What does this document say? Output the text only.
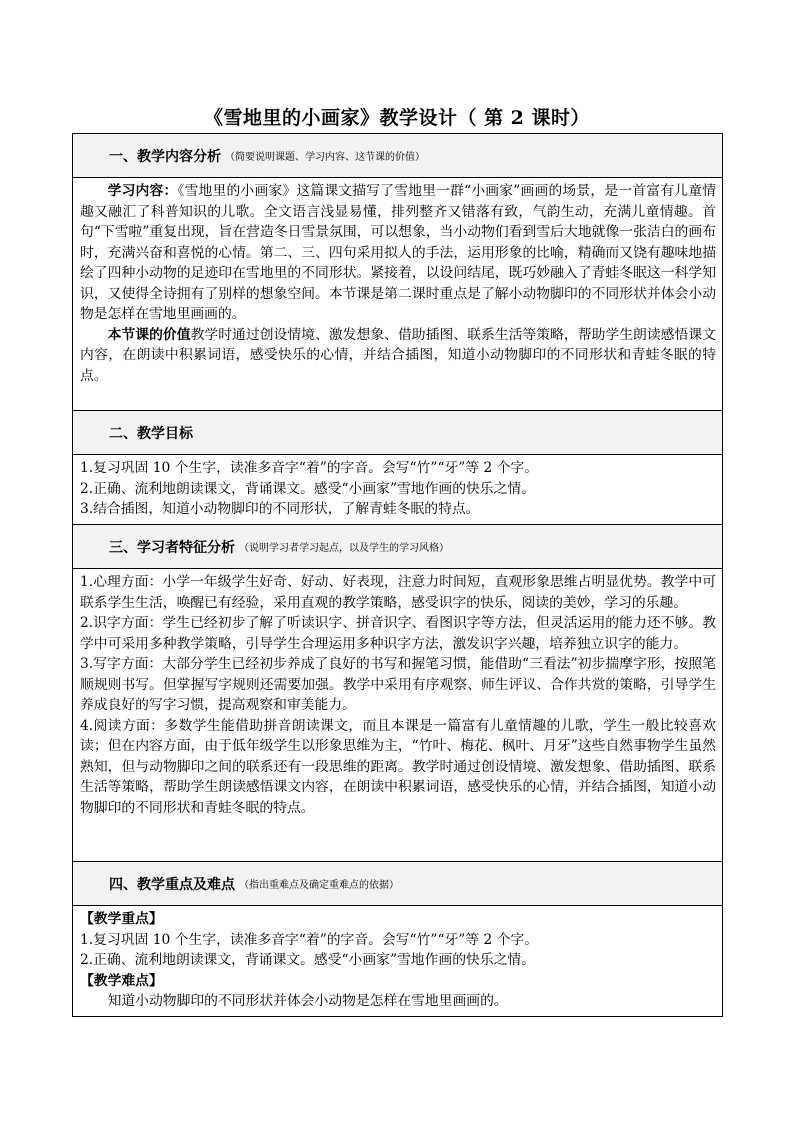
《雪地里的小画家》教学设计（ 第 2 课时）
一、教学内容分析 （简要说明课题、学习内容、这节课的价值）

学习内容：《雪地里的小画家》这篇课文描写了雪地里一群“小画家”画画的场景，是一首富有儿童情趣又融汇了科普知识的儿歌。全文语言浅显易懂，排列整齐又错落有致，气韵生动，充满儿童情趣。首句“下雪啦”重复出现，旨在营造冬日雪景氛围，可以想象，当小动物们看到雪后大地就像一张洁白的画布时，充满兴奋和喜悦的心情。第二、三、四句采用拟人的手法，运用形象的比喻，精确而又饶有趣味地描绘了四种小动物的足迹印在雪地里的不同形状。紧接着，以设问结尾，既巧妙融入了青蛙冬眠这一科学知识，又使得全诗拥有了别样的想象空间。本节课是第二课时重点是了解小动物脚印的不同形状并体会小动物是怎样在雪地里画画的。

本节课的价值教学时通过创设情境、激发想象、借助插图、联系生活等策略，帮助学生朗读感悟课文内容，在朗读中积累词语，感受快乐的心情，并结合插图，知道小动物脚印的不同形状和青蛙冬眠的特点。

二、教学目标

1.复习巩固 10 个生字，读准多音字“着”的字音。会写“竹”“牙”等 2 个字。

2.正确、流利地朗读课文，背诵课文。感受“小画家”雪地作画的快乐之情。

3.结合插图，知道小动物脚印的不同形状，了解青蛙冬眠的特点。

三、学习者特征分析 （说明学习者学习起点，以及学生的学习风格）

1.心理方面：小学一年级学生好奇、好动、好表现，注意力时间短，直观形象思维占明显优势。教学中可联系学生生活，唤醒已有经验，采用直观的教学策略，感受识字的快乐，阅读的美妙，学习的乐趣。

2.识字方面：学生已经初步了解了听读识字、拼音识字、看图识字等方法，但灵活运用的能力还不够。教学中可采用多种教学策略，引导学生合理运用多种识字方法，激发识字兴趣，培养独立识字的能力。

3.写字方面：大部分学生已经初步养成了良好的书写和握笔习惯，能借助“三看法”初步揣摩字形，按照笔顺规则书写。但掌握写字规则还需要加强。教学中采用有序观察、师生评议、合作共赏的策略，引导学生养成良好的写字习惯，提高观察和审美能力。

4.阅读方面：多数学生能借助拼音朗读课文，而且本课是一篇富有儿童情趣的儿歌，学生一般比较喜欢读；但在内容方面，由于低年级学生以形象思维为主，“竹叶、梅花、枫叶、月牙”这些自然事物学生虽然熟知，但与动物脚印之间的联系还有一段思维的距离。教学时通过创设情境、激发想象、借助插图、联系生活等策略，帮助学生朗读感悟课文内容，在朗读中积累词语，感受快乐的心情，并结合插图，知道小动物脚印的不同形状和青蛙冬眠的特点。

四、教学重点及难点 （指出重难点及确定重难点的依据）

【教学重点】

1.复习巩固 10 个生字，读准多音字“着”的字音。会写“竹”“牙”等 2 个字。

2.正确、流利地朗读课文，背诵课文。感受“小画家”雪地作画的快乐之情。

【教学难点】

知道小动物脚印的不同形状并体会小动物是怎样在雪地里画画的。
